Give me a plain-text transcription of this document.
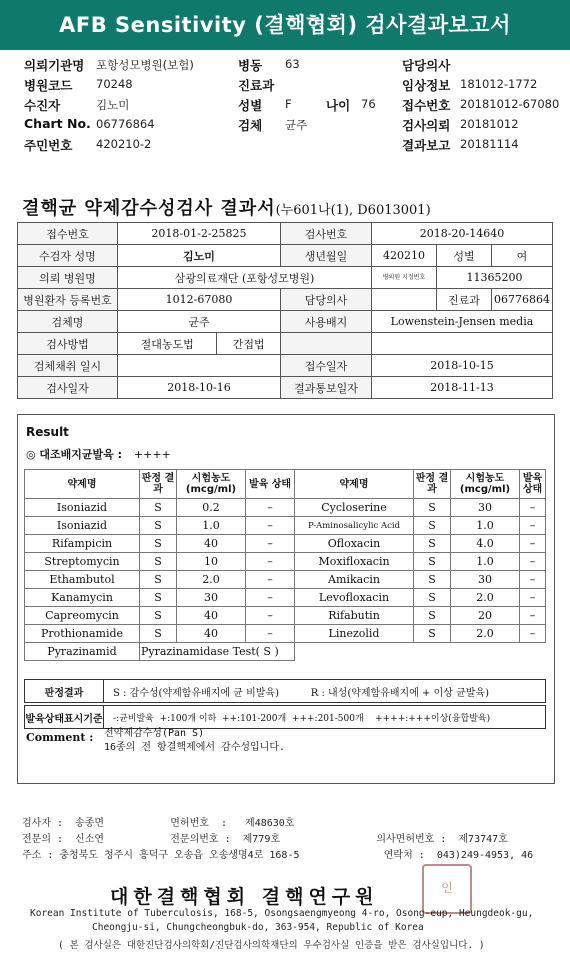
AFB Sensitivity (결핵협회) 검사결과보고서
의뢰기관명 포항성모병원(보험)
병원코드 70248
수진자	김노미
Chart No. 06776864
주민번호 420210-2
병동 63
진료과
성별 F	나이 76
검체 균주
담당의사
임상정보 181012-1772
접수번호 20181012-67080
검사의뢰 20181012
결과보고 20181114
결핵균 약제감수성검사 결과서(누601나(1), D6013001)
접수번호	2018-01-2-25825		검사번호	2018-20-14640		
수검자 성명	김노미		생년월일	420210	성별	여
의뢰 병원명	삼광의료재단 (포항성모병원)			병의원 지정번호	11365200	
병원환자 등록번호	1012-67080		담당의사		진료과	06776864
검체명	균주		사용배지	Lowenstein-Jensen media		
검사방법	절대농도법	간접법				
검체채취 일시			접수일자	2018-10-15		
검사일자	2018-10-16		결과통보일자	2018-11-13		
Result
◎ 대조배지균발육 : ++++
약제명	판정 결과	시험농도 (mcg/ml)	발육 상태	약제명	판정 결과	시험농도 (mcg/ml)	발육 상태
Isoniazid	S	0.2	–	Cycloserine	S	30	–
Isoniazid	S	1.0	–	P-Aminosalicylic Acid	S	1.0	–
Rifampicin	S	40	–	Ofloxacin	S	4.0	–
Streptomycin	S	10	–	Moxifloxacin	S	1.0	–
Ethambutol	S	2.0	–	Amikacin	S	30	–
Kanamycin	S	30	–	Levofloxacin	S	2.0	–
Capreomycin	S	40	–	Rifabutin	S	20	–
Prothionamide	S	40	–	Linezolid	S	2.0	–
Pyrazinamid	Pyrazinamidase Test( S )						
판정결과	S : 감수성(약제함유배지에 균 비발육)          R : 내성(약제함유배지에 + 이상 균발육)
발육상태표시기준 -:균비발육  +:100개 이하  ++:101-200개  +++:201-500개    ++++:+++이상(융합발육)
Comment : 전약제감수성(Pan S)
16종의 전 항결핵제에서 감수성입니다.
검사자 :  송종면           면허번호  :   제48630호
전문의 :  신소연           전문의번호 :  제779호                의사면허번호 :  제73747호
주소 : 충청북도 청주시 흥덕구 오송읍 오송생명4로 168-5              연락처 :  043)249-4953, 46
대한결핵협회 결핵연구원	인
Korean Institute of Tuberculosis, 168-5, Osongsaengmyeong 4-ro, Osong-eup, Heungdeok-gu,
Cheongju-si, Chungcheongbuk-do, 363-954, Republic of Korea
( 본 검사실은 대한진단검사의학회/진단검사의학재단의 우수검사실 인증을 받은 검사실입니다. )
